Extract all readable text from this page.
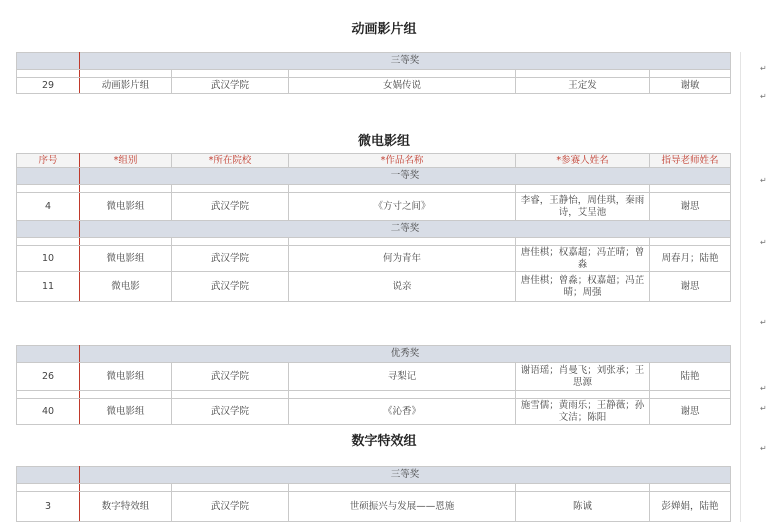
动画影片组
	三等奖				

29	动画影片组	武汉学院	女娲传说	王定发	谢敏
微电影组
序号	*组别	*所在院校	*作品名称	*参赛人姓名	指导老师姓名
	一等奖				

4	微电影组	武汉学院	《方寸之间》	李睿，王静怡，周佳琪，秦雨诗，艾呈池	谢思
	二等奖				

10	微电影组	武汉学院	何为青年	唐佳棋；权嘉超；冯芷晴；曾淼	周春月；陆艳
11	微电影	武汉学院	说亲	唐佳棋；曾淼；权嘉超；冯芷晴；周强	谢思
	优秀奖				
26	微电影组	武汉学院	寻梨记	谢语瑶；肖曼飞；刘张承；王思源	陆艳

40	微电影组	武汉学院	《沁香》	施雪儒；黄雨乐；王静薇；孙文洁；陈阳	谢思
数字特效组
	三等奖				

3	数字特效组	武汉学院	世硕振兴与发展——恩施	陈诚	彭婵娟，陆艳
↵
↵
↵
↵
↵
↵
↵
↵
